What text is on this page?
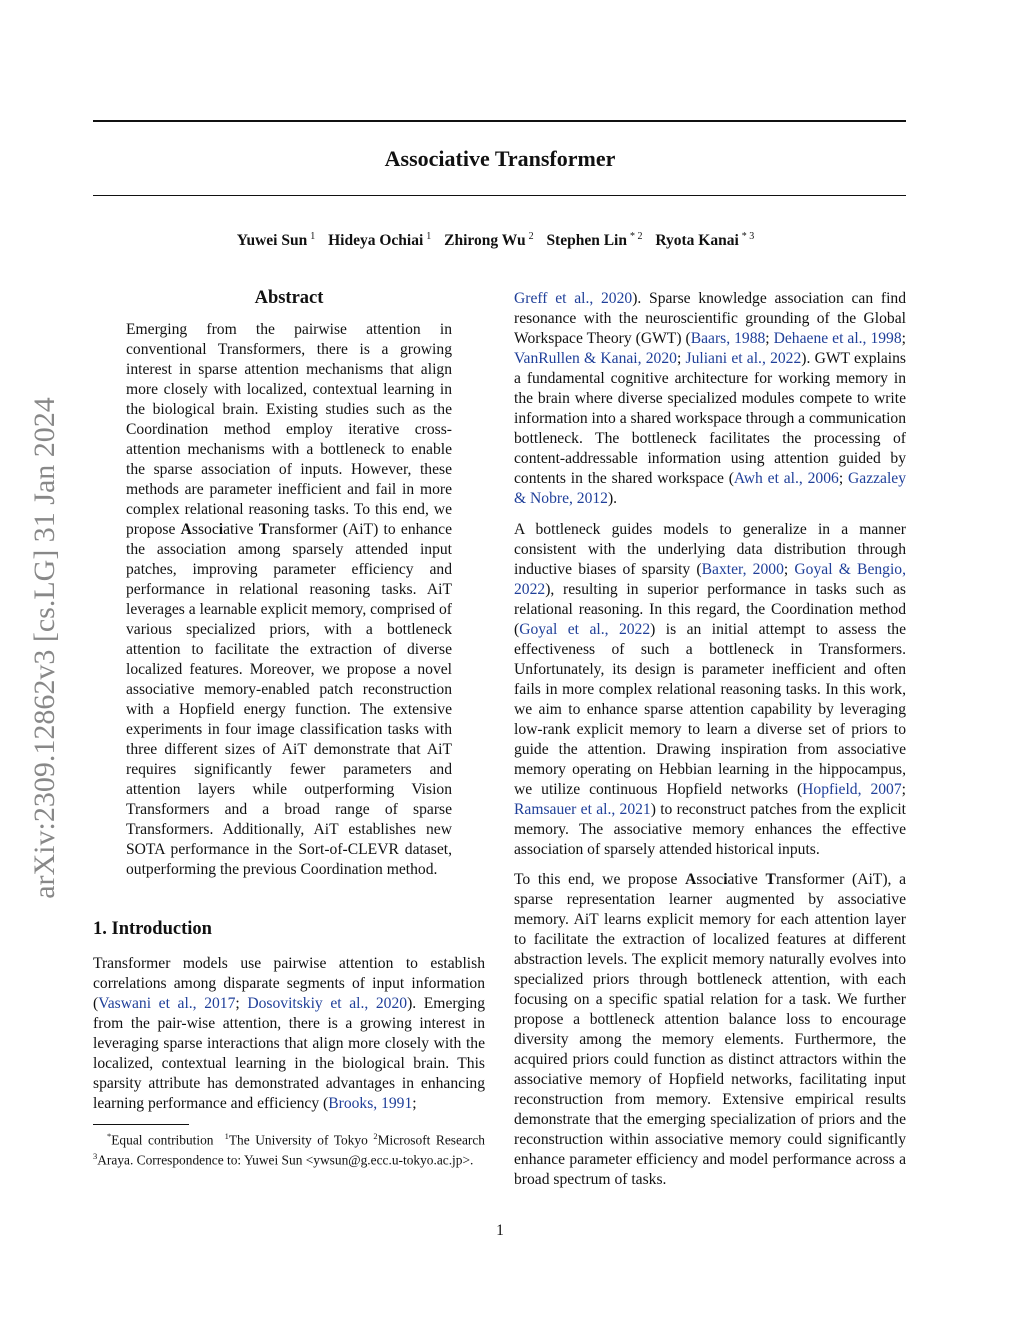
arXiv:2309.12862v3 [cs.LG] 31 Jan 2024
Associative Transformer
Yuwei Sun $^1$ Hideya Ochiai $^1$ Zhirong Wu $^2$ Stephen Lin $^{* 2}$ Ryota Kanai $^{* 3}$
Abstract
Emerging from the pairwise attention in conventional Transformers, there is a growing interest in sparse attention mechanisms that align more closely with localized, contextual learning in the biological brain. Existing studies such as the Coordination method employ iterative cross-attention mechanisms with a bottleneck to enable the sparse association of inputs. However, these methods are parameter inefficient and fail in more complex relational reasoning tasks. To this end, we propose Associative Transformer (AiT) to enhance the association among sparsely attended input patches, improving parameter efficiency and performance in relational reasoning tasks. AiT leverages a learnable explicit memory, comprised of various specialized priors, with a bottleneck attention to facilitate the extraction of diverse localized features. Moreover, we propose a novel associative memory-enabled patch reconstruction with a Hopfield energy function. The extensive experiments in four image classification tasks with three different sizes of AiT demonstrate that AiT requires significantly fewer parameters and attention layers while outperforming Vision Transformers and a broad range of sparse Transformers. Additionally, AiT establishes new SOTA performance in the Sort-of-CLEVR dataset, outperforming the previous Coordination method.
1. Introduction
Transformer models use pairwise attention to establish correlations among disparate segments of input information (Vaswani et al., 2017; Dosovitskiy et al., 2020). Emerging from the pair-wise attention, there is a growing interest in leveraging sparse interactions that align more closely with the localized, contextual learning in the biological brain. This sparsity attribute has demonstrated advantages in enhancing learning performance and efficiency (Brooks, 1991;
*Equal contribution $^1$The University of Tokyo $^2$Microsoft Research $^3$Araya. Correspondence to: Yuwei Sun <ywsun@g.ecc.u-tokyo.ac.jp>.
Greff et al., 2020). Sparse knowledge association can find resonance with the neuroscientific grounding of the Global Workspace Theory (GWT) (Baars, 1988; Dehaene et al., 1998; VanRullen & Kanai, 2020; Juliani et al., 2022). GWT explains a fundamental cognitive architecture for working memory in the brain where diverse specialized modules compete to write information into a shared workspace through a communication bottleneck. The bottleneck facilitates the processing of content-addressable information using attention guided by contents in the shared workspace (Awh et al., 2006; Gazzaley & Nobre, 2012).
A bottleneck guides models to generalize in a manner consistent with the underlying data distribution through inductive biases of sparsity (Baxter, 2000; Goyal & Bengio, 2022), resulting in superior performance in tasks such as relational reasoning. In this regard, the Coordination method (Goyal et al., 2022) is an initial attempt to assess the effectiveness of such a bottleneck in Transformers. Unfortunately, its design is parameter inefficient and often fails in more complex relational reasoning tasks. In this work, we aim to enhance sparse attention capability by leveraging low-rank explicit memory to learn a diverse set of priors to guide the attention. Drawing inspiration from associative memory operating on Hebbian learning in the hippocampus, we utilize continuous Hopfield networks (Hopfield, 2007; Ramsauer et al., 2021) to reconstruct patches from the explicit memory. The associative memory enhances the effective association of sparsely attended historical inputs.
To this end, we propose Associative Transformer (AiT), a sparse representation learner augmented by associative memory. AiT learns explicit memory for each attention layer to facilitate the extraction of localized features at different abstraction levels. The explicit memory naturally evolves into specialized priors through bottleneck attention, with each focusing on a specific spatial relation for a task. We further propose a bottleneck attention balance loss to encourage diversity among the memory elements. Furthermore, the acquired priors could function as distinct attractors within the associative memory of Hopfield networks, facilitating input reconstruction from memory. Extensive empirical results demonstrate that the emerging specialization of priors and the reconstruction within associative memory could significantly enhance parameter efficiency and model performance across a broad spectrum of tasks.
1
